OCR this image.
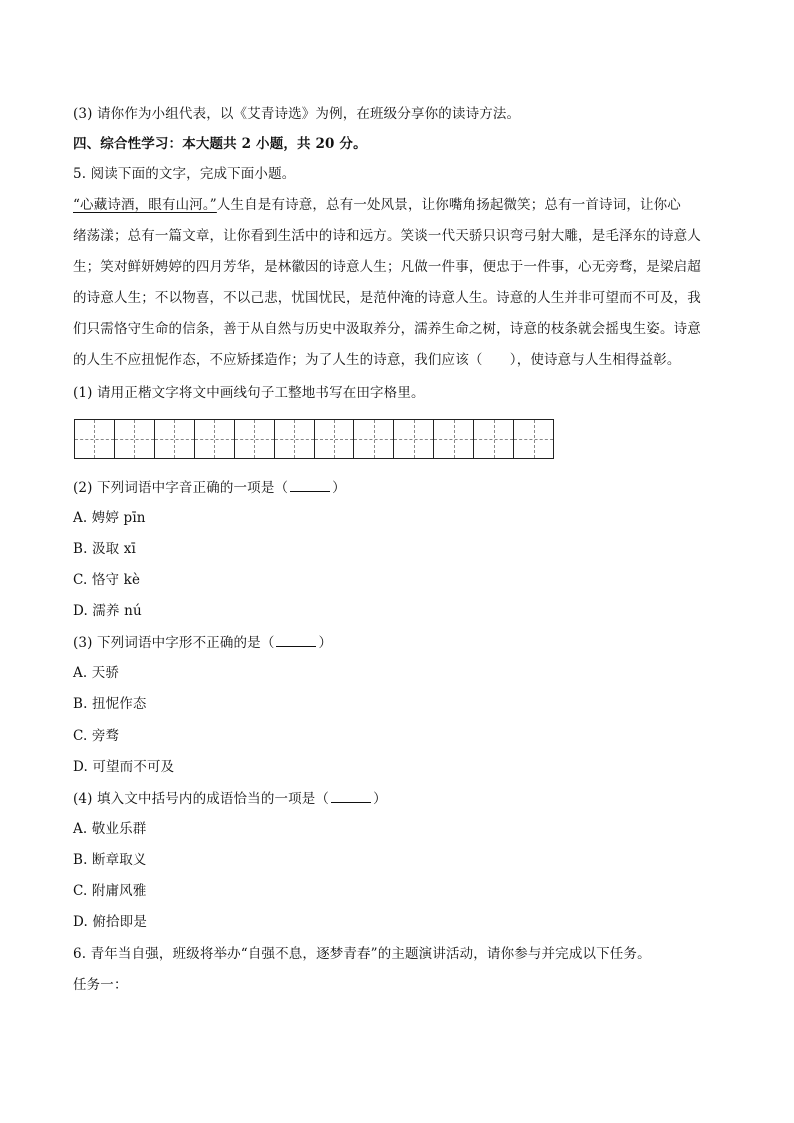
(3) 请你作为小组代表，以《艾青诗选》为例，在班级分享你的读诗方法。
四、综合性学习：本大题共 2 小题，共 20 分。
5. 阅读下面的文字，完成下面小题。
“心藏诗酒，眼有山河。”人生自是有诗意，总有一处风景，让你嘴角扬起微笑；总有一首诗词，让你心
绪荡漾；总有一篇文章，让你看到生活中的诗和远方。笑谈一代天骄只识弯弓射大雕，是毛泽东的诗意人
生；笑对鲜妍娉婷的四月芳华，是林徽因的诗意人生；凡做一件事，便忠于一件事，心无旁骛，是梁启超
的诗意人生；不以物喜，不以己悲，忧国忧民，是范仲淹的诗意人生。诗意的人生并非可望而不可及，我
们只需恪守生命的信条，善于从自然与历史中汲取养分，濡养生命之树，诗意的枝条就会摇曳生姿。诗意
的人生不应扭怩作态，不应矫揉造作；为了人生的诗意，我们应该（　　），使诗意与人生相得益彰。
(1) 请用正楷文字将文中画线句子工整地书写在田字格里。
(2) 下列词语中字音正确的一项是（	）
A. 娉婷 pīn
B. 汲取 xī
C. 恪守 kè
D. 濡养 nú
(3) 下列词语中字形不正确的是（	）
A. 天骄
B. 扭怩作态
C. 旁骛
D. 可望而不可及
(4) 填入文中括号内的成语恰当的一项是（	）
A. 敬业乐群
B. 断章取义
C. 附庸风雅
D. 俯拾即是
6. 青年当自强，班级将举办“自强不息，逐梦青春”的主题演讲活动，请你参与并完成以下任务。
任务一：
